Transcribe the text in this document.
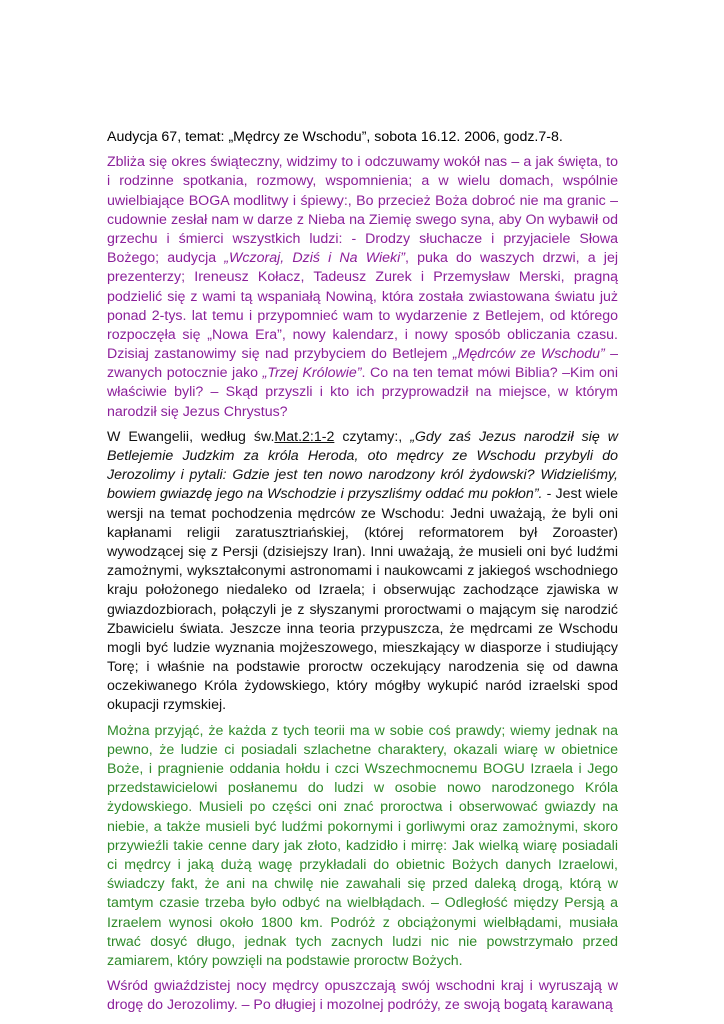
Audycja 67, temat: „Mędrcy ze Wschodu”, sobota 16.12. 2006, godz.7-8.
Zbliża się okres świąteczny, widzimy to i odczuwamy wokół nas – a jak święta, to
i rodzinne spotkania, rozmowy, wspomnienia; a w wielu domach, wspólnie
uwielbiające BOGA modlitwy i śpiewy:, Bo przecież Boża dobroć nie ma granic –
cudownie zesłał nam w darze z Nieba na Ziemię swego syna, aby On wybawił od
grzechu i śmierci wszystkich ludzi: - Drodzy słuchacze i przyjaciele Słowa
Bożego; audycja „Wczoraj, Dziś i Na Wieki”, puka do waszych drzwi, a jej
prezenterzy; Ireneusz Kołacz, Tadeusz Zurek i Przemysław Merski, pragną
podzielić się z wami tą wspaniałą Nowiną, która została zwiastowana światu już
ponad 2-tys. lat temu i przypomnieć wam to wydarzenie z Betlejem, od którego
rozpoczęła się „Nowa Era”, nowy kalendarz, i nowy sposób obliczania czasu.
Dzisiaj zastanowimy się nad przybyciem do Betlejem „Mędrców ze Wschodu” –
zwanych potocznie jako „Trzej Królowie”. Co na ten temat mówi Biblia? –Kim oni
właściwie byli? – Skąd przyszli i kto ich przyprowadził na miejsce, w którym
narodził się Jezus Chrystus?
W Ewangelii, według św.Mat.2:1-2 czytamy:, „Gdy zaś Jezus narodził się w
Betlejemie Judzkim za króla Heroda, oto mędrcy ze Wschodu przybyli do
Jerozolimy i pytali: Gdzie jest ten nowo narodzony król żydowski? Widzieliśmy,
bowiem gwiazdę jego na Wschodzie i przyszliśmy oddać mu pokłon”. - Jest wiele
wersji na temat pochodzenia mędrców ze Wschodu: Jedni uważają, że byli oni
kapłanami religii zaratusztriańskiej, (której reformatorem był Zoroaster)
wywodzącej się z Persji (dzisiejszy Iran). Inni uważają, że musieli oni być ludźmi
zamożnymi, wykształconymi astronomami i naukowcami z jakiegoś wschodniego
kraju położonego niedaleko od Izraela; i obserwując zachodzące zjawiska w
gwiazdozbiorach, połączyli je z słyszanymi proroctwami o mającym się narodzić
Zbawicielu świata. Jeszcze inna teoria przypuszcza, że mędrcami ze Wschodu
mogli być ludzie wyznania mojżeszowego, mieszkający w diasporze i studiujący
Torę; i właśnie na podstawie proroctw oczekujący narodzenia się od dawna
oczekiwanego Króla żydowskiego, który mógłby wykupić naród izraelski spod
okupacji rzymskiej.
Można przyjąć, że każda z tych teorii ma w sobie coś prawdy; wiemy jednak na
pewno, że ludzie ci posiadali szlachetne charaktery, okazali wiarę w obietnice
Boże, i pragnienie oddania hołdu i czci Wszechmocnemu BOGU Izraela i Jego
przedstawicielowi posłanemu do ludzi w osobie nowo narodzonego Króla
żydowskiego. Musieli po części oni znać proroctwa i obserwować gwiazdy na
niebie, a także musieli być ludźmi pokornymi i gorliwymi oraz zamożnymi, skoro
przywieźli takie cenne dary jak złoto, kadzidło i mirrę: Jak wielką wiarę posiadali
ci mędrcy i jaką dużą wagę przykładali do obietnic Bożych danych Izraelowi,
świadczy fakt, że ani na chwilę nie zawahali się przed daleką drogą, którą w
tamtym czasie trzeba było odbyć na wielbłądach. – Odległość między Persją a
Izraelem wynosi około 1800 km. Podróż z obciążonymi wielbłądami, musiała
trwać dosyć długo, jednak tych zacnych ludzi nic nie powstrzymało przed
zamiarem, który powzięli na podstawie proroctw Bożych.
Wśród gwiaździstej nocy mędrcy opuszczają swój wschodni kraj i wyruszają w
drogę do Jerozolimy. – Po długiej i mozolnej podróży, ze swoją bogatą karawaną
